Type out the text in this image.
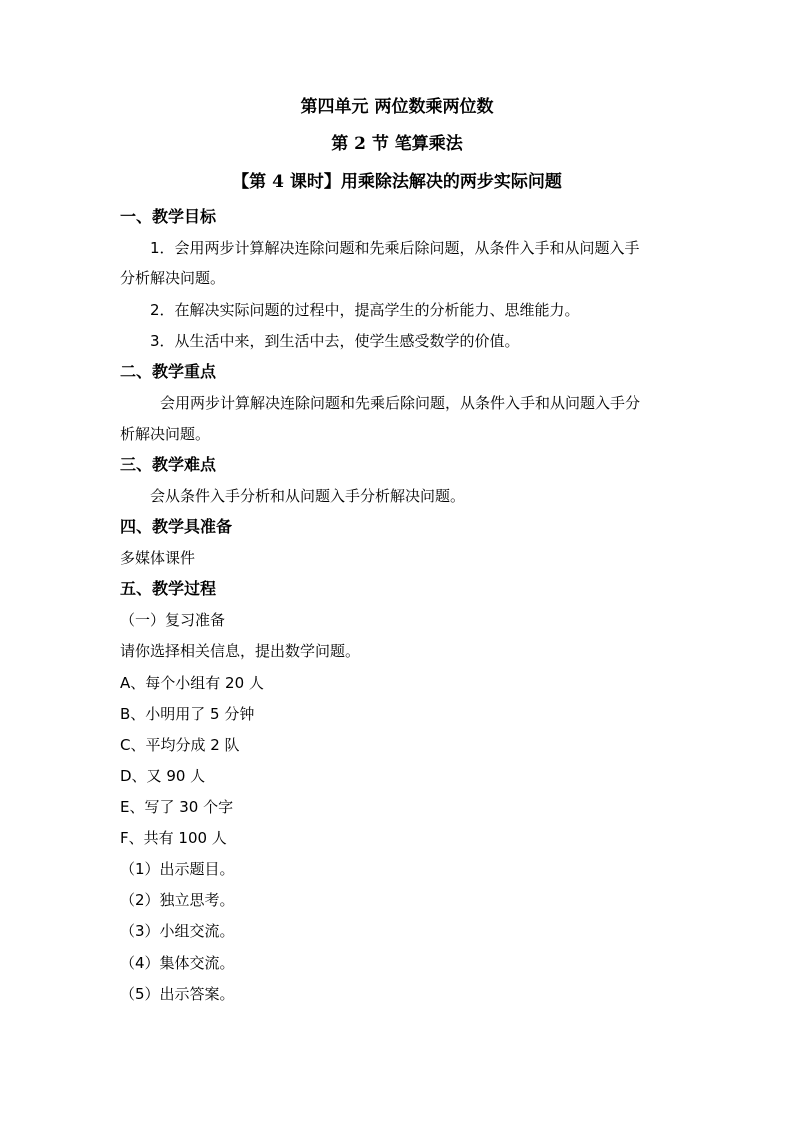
第四单元 两位数乘两位数
第 2 节 笔算乘法
【第 4 课时】用乘除法解决的两步实际问题
一、教学目标
1．会用两步计算解决连除问题和先乘后除问题，从条件入手和从问题入手
分析解决问题。
2．在解决实际问题的过程中，提高学生的分析能力、思维能力。
3．从生活中来，到生活中去，使学生感受数学的价值。
二、教学重点
会用两步计算解决连除问题和先乘后除问题，从条件入手和从问题入手分
析解决问题。
三、教学难点
会从条件入手分析和从问题入手分析解决问题。
四、教学具准备
多媒体课件
五、教学过程
（一）复习准备
请你选择相关信息，提出数学问题。
A、每个小组有 20 人
B、小明用了 5 分钟
C、平均分成 2 队
D、又 90 人
E、写了 30 个字
F、共有 100 人
（1）出示题目。
（2）独立思考。
（3）小组交流。
（4）集体交流。
（5）出示答案。
